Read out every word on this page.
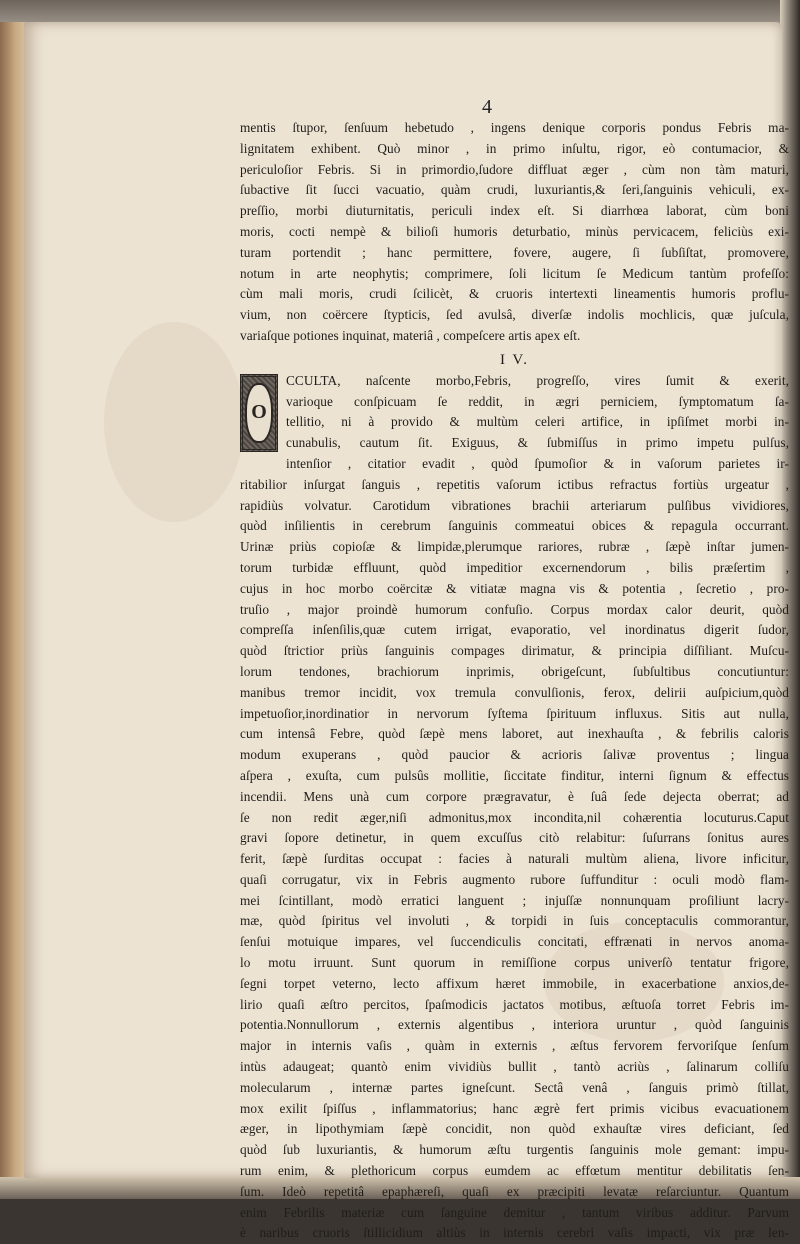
4
mentis ſtupor, ſenſuum hebetudo , ingens denique corporis pondus Febris ma-
lignitatem exhibent. Quò minor , in primo inſultu, rigor, eò contumacior, &
periculoſior Febris. Si in primordio,ſudore diffluat æger , cùm non tàm maturi,
ſubactive ſit ſucci vacuatio, quàm crudi, luxuriantis,& ſeri,ſanguinis vehiculi, ex-
preſſio, morbi diuturnitatis, periculi index eſt. Si diarrhœa laborat, cùm boni
moris, cocti nempè & bilioſi humoris deturbatio, minùs pervicacem, feliciùs exi-
turam portendit ; hanc permittere, fovere, augere, ſi ſubſiſtat, promovere,
notum in arte neophytis; comprimere, ſoli licitum ſe Medicum tantùm profeſſo:
cùm mali moris, crudi ſcilicèt, & cruoris intertexti lineamentis humoris proflu-
vium, non coërcere ſtypticis, ſed avulsâ, diverſæ indolis mochlicis, quæ juſcula,
variaſque potiones inquinat, materiâ , compeſcere artis apex eſt.
I V.
O
CCULTA, naſcente morbo,Febris, progreſſo, vires ſumit & exerit,
varioque conſpicuam ſe reddit, in ægri perniciem, ſymptomatum ſa-
tellitio, ni à provido & multùm celeri artifice, in ipſiſmet morbi in-
cunabulis, cautum ſit. Exiguus, & ſubmiſſus in primo impetu pulſus,
intenſior , citatior evadit , quòd ſpumoſior & in vaſorum parietes ir-
ritabilior inſurgat ſanguis , repetitis vaſorum ictibus refractus fortiùs urgeatur ,
rapidiùs volvatur. Carotidum vibrationes brachii arteriarum pulſibus vividiores,
quòd inſilientis in cerebrum ſanguinis commeatui obices & repagula occurrant.
Urinæ priùs copioſæ & limpidæ,plerumque rariores, rubræ , ſæpè inſtar jumen-
torum turbidæ effluunt, quòd impeditior excernendorum , bilis præſertim ,
cujus in hoc morbo coërcitæ & vitiatæ magna vis & potentia , ſecretio , pro-
truſio , major proindè humorum confuſio. Corpus mordax calor deurit, quòd
compreſſa inſenſilis,quæ cutem irrigat, evaporatio, vel inordinatus digerit ſudor,
quòd ſtrictior priùs ſanguinis compages dirimatur, & principia diſſiliant. Muſcu-
lorum tendones, brachiorum inprimis, obrigeſcunt, ſubſultibus concutiuntur:
manibus tremor incidit, vox tremula convulſionis, ferox, delirii auſpicium,quòd
impetuoſior,inordinatior in nervorum ſyſtema ſpirituum influxus. Sitis aut nulla,
cum intensâ Febre, quòd ſæpè mens laboret, aut inexhauſta , & febrilis caloris
modum exuperans , quòd paucior & acrioris ſalivæ proventus ; lingua
aſpera , exuſta, cum pulsûs mollitie, ſiccitate finditur, interni ſignum & effectus
incendii. Mens unà cum corpore prægravatur, è ſuâ ſede dejecta oberrat; ad
ſe non redit æger,niſi admonitus,mox incondita,nil cohærentia locuturus.Caput
gravi ſopore detinetur, in quem excuſſus citò relabitur: ſuſurrans ſonitus aures
ferit, ſæpè ſurditas occupat : facies à naturali multùm aliena, livore inficitur,
quaſi corrugatur, vix in Febris augmento rubore ſuffunditur : oculi modò flam-
mei ſcintillant, modò erratici languent ; injuſſæ nonnunquam proſiliunt lacry-
mæ, quòd ſpiritus vel involuti , & torpidi in ſuis conceptaculis commorantur,
ſenſui motuique impares, vel ſuccendiculis concitati, effrænati in nervos anoma-
lo motu irruunt. Sunt quorum in remiſſione corpus univerſò tentatur frigore,
ſegni torpet veterno, lecto affixum hæret immobile, in exacerbatione anxios,de-
lirio quaſi æſtro percitos, ſpaſmodicis jactatos motibus, æſtuoſa torret Febris im-
potentia.Nonnullorum , externis algentibus , interiora uruntur , quòd ſanguinis
major in internis vaſis , quàm in externis , æſtus fervorem fervoriſque ſenſum
intùs adaugeat; quantò enim vividiùs bullit , tantò acriùs , ſalinarum colliſu
molecularum , internæ partes igneſcunt. Sectâ venâ , ſanguis primò ſtillat,
mox exilit ſpiſſus , inflammatorius; hanc ægrè fert primis vicibus evacuationem
æger, in lipothymiam ſæpè concidit, non quòd exhauſtæ vires deficiant, ſed
quòd ſub luxuriantis, & humorum æſtu turgentis ſanguinis mole gemant: impu-
rum enim, & plethoricum corpus eumdem ac effœtum mentitur debilitatis ſen-
ſum. Ideò repetitâ epaphæreſi, quaſi ex præcipiti levatæ reſarciuntur. Quantum
enim Febrilis materiæ cum ſanguine demitur , tantum viribus additur. Parvum
è naribus cruoris ſtillicidium altiùs in internis cerebri vaſis impacti, vix præ len-
